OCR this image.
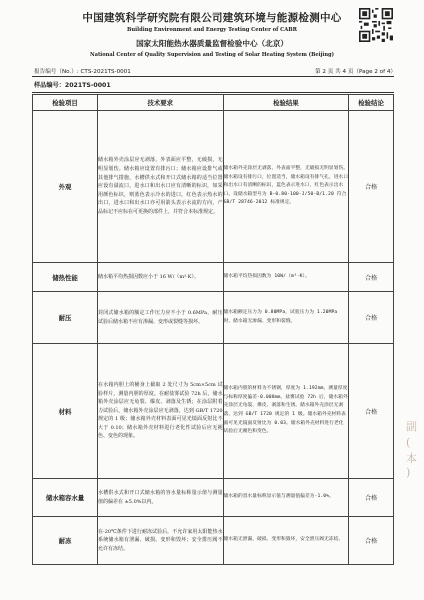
中国建筑科学研究院有限公司建筑环境与能源检测中心
Building Environment and Energy Testing Center of CABR
国家太阳能热水器质量监督检验中心（北京）
National Center of Quality Supervision and Testing of Solar Heating System (Beijing)
报告编号（No.）: CTS-2021TS-0001	第 2 页 共 4 页（Page 2 of 4）
样品编号：2021TS-0001
检验项目	技术要求	检验结果	检验结论
外观	储水箱外壳涂层应无剥落，外表面应平整，无破损，无明显划伤。储水箱应设置有排污口；储水箱应设排气或其他排气措施，水槽供水式和开口式储水箱的适当位置应设有溢流口，进水口和出水口应有清晰的标识，如采用颜色标识，则蓝色表示冷水的进口，红色表示热水的出口，进水口和出水口亦可用箭头表示水流的方向，产品标记不应标在可更换的部件上，并符合本标准规定。	储水箱外壳涂层无剥落，外表面平整，无破损无明显划伤。储水箱设有排污口，位置适当，储水箱设有排气孔，进水口和出水口有清晰的标识，蓝色表示进水口，红色表示出水口。设储水箱型号为 B-0.80-100-J/50-B/1.20 符合 GB/T 28746-2012 标准规定。	合格
储热性能	储水箱平均热损因数应小于 16 W/（m³·K）。	储水箱平均热损因数为 10W/（m³·K）。	合格
耐压	封闭式储水箱的额定工作压力应不小于 0.6MPa，耐压试验后储水箱不应有渗漏、变形或裂缝等损坏。	储水箱额定压力为 0.80MPa，试验压力为 1.20MPa 时，储水箱无渗漏、变形和裂缝。	合格
材料	在水箱内胆上的桶身上截取 2 处尺寸为 5cm×5cm 试验样片，测量内胆的厚度。在耐盐雾试验 72h 后，储水箱外壳涂层应无龟裂、爆皮、剥落及生锈；在涂层附着力试验后，储水箱外壳涂层应无剥落，达到 GB/T 1720 规定的 1 级；储水箱外壳材料表面可见光镜面反射比不大于 0.10；储水箱外壳材料进行老化性试验后应无褪色、变色的现象。	储水箱内胆的材料为不锈钢，厚度为 1.192mm，测量厚度与标称厚度偏差-0.008mm。盐雾试验 72h 后，储水箱外壳涂层无龟裂、爆皮、剥落和生锈。储水箱外壳涂层无剥落，达到 GB/T 1720 规定的 1 级。储水箱外壳材料表面可见光镜面反射比为 0.03。储水箱外壳材料进行老化试验后无褪色和变色。	合格
储水箱容水量	水槽供水式和开口式储水箱的容水量标称量示值与测量值的偏差在 ±5.0%以内。	储水箱的容水量标称显示值与测量值偏差为-1.0%。	合格
耐冻	在-20℃条件下进行耐冻试验后，不允许家用太阳能热水系统储水箱有泄漏、破损、变形和毁坏；安全排压阀不允许有冻结。	储水箱无泄漏、破损、变形和毁坏，安全泄压阀无冻结。	合格
副
(
本
)
